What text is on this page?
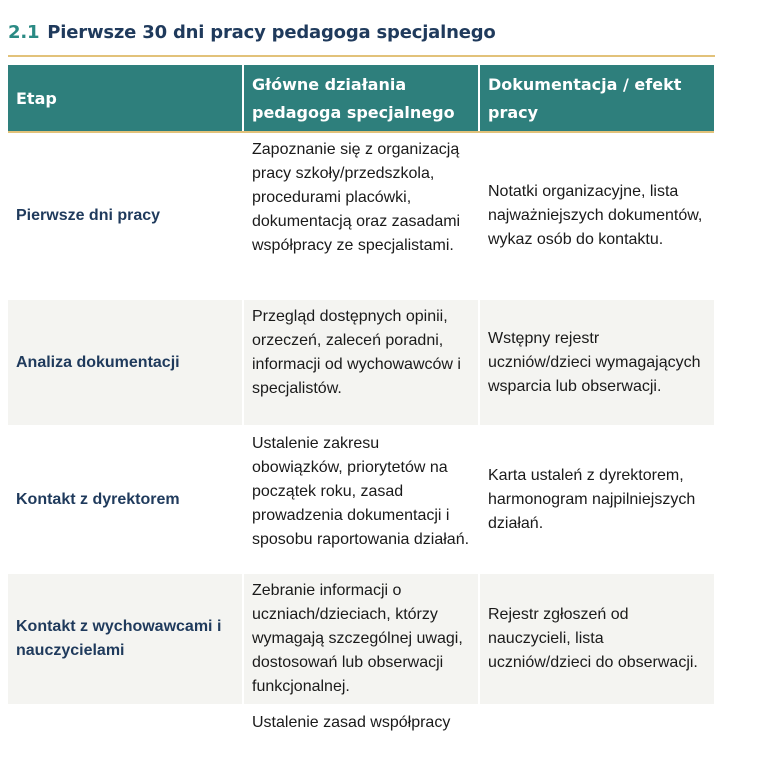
2.1 Pierwsze 30 dni pracy pedagoga specjalnego
Etap	Główne działania pedagoga specjalnego	Dokumentacja / efekt pracy
Pierwsze dni pracy	Zapoznanie się z organizacją pracy szkoły/przedszkola, procedurami placówki, dokumentacją oraz zasadami współpracy ze specjalistami.	Notatki organizacyjne, lista najważniejszych dokumentów, wykaz osób do kontaktu.
Analiza dokumentacji	Przegląd dostępnych opinii, orzeczeń, zaleceń poradni, informacji od wychowawców i specjalistów.	Wstępny rejestr uczniów/dzieci wymagających wsparcia lub obserwacji.
Kontakt z dyrektorem	Ustalenie zakresu obowiązków, priorytetów na początek roku, zasad prowadzenia dokumentacji i sposobu raportowania działań.	Karta ustaleń z dyrektorem, harmonogram najpilniejszych działań.
Kontakt z wychowawcami i nauczycielami	Zebranie informacji o uczniach/dzieciach, którzy wymagają szczególnej uwagi, dostosowań lub obserwacji funkcjonalnej.	Rejestr zgłoszeń od nauczycieli, lista uczniów/dzieci do obserwacji.
	Ustalenie zasad współpracy	
